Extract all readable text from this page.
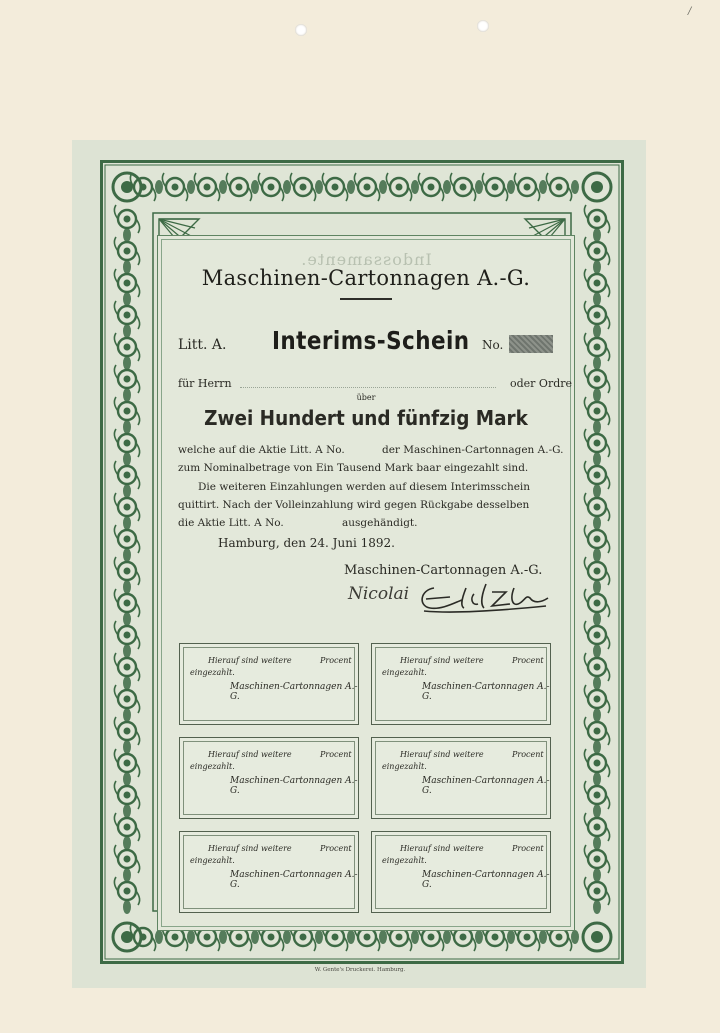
/
Indossamente.
Maschinen-Cartonnagen A.-G.
Litt. A. Interims-Schein No.
für Herrn	oder Ordre
über
Zwei Hundert und fünfzig Mark
welche auf die Aktie Litt. A No.	der Maschinen-Cartonnagen A.-G.
zum Nominalbetrage von Ein Tausend Mark baar eingezahlt sind.
Die weiteren Einzahlungen werden auf diesem Interimsschein
quittirt. Nach der Volleinzahlung wird gegen Rückgabe desselben
die Aktie Litt. A No.	ausgehändigt.
Hamburg, den 24. Juni 1892.
Maschinen-Cartonnagen A.-G.
Nicolai
Hierauf sind weitere	Procent
eingezahlt.
Maschinen-Cartonnagen A.-G.
Hierauf sind weitere	Procent
eingezahlt.
Maschinen-Cartonnagen A.-G.
Hierauf sind weitere	Procent
eingezahlt.
Maschinen-Cartonnagen A.-G.
Hierauf sind weitere	Procent
eingezahlt.
Maschinen-Cartonnagen A.-G.
Hierauf sind weitere	Procent
eingezahlt.
Maschinen-Cartonnagen A.-G.
Hierauf sind weitere	Procent
eingezahlt.
Maschinen-Cartonnagen A.-G.
W. Gente's Druckerei. Hamburg.
